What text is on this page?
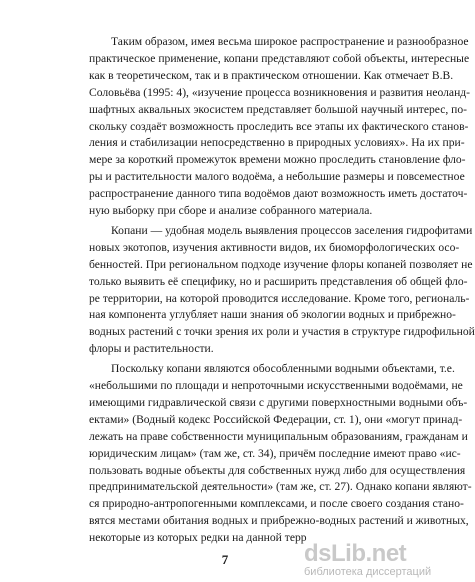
Таким образом, имея весьма широкое распространение и разнообразное
практическое применение, копани представляют собой объекты, интересные
как в теоретическом, так и в практическом отношении. Как отмечает В.В.
Соловьёва (1995: 4), «изучение процесса возникновения и развития неоланд-
шафтных аквальных экосистем представляет большой научный интерес, по-
скольку создаёт возможность проследить все этапы их фактического станов-
ления и стабилизации непосредственно в природных условиях». На их при-
мере за короткий промежуток времени можно проследить становление фло-
ры и растительности малого водоёма, а небольшие размеры и повсеместное
распространение данного типа водоёмов дают возможность иметь достаточ-
ную выборку при сборе и анализе собранного материала.
Копани — удобная модель выявления процессов заселения гидрофитами
новых экотопов, изучения активности видов, их биоморфологических осо-
бенностей. При региональном подходе изучение флоры копаней позволяет не
только выявить её специфику, но и расширить представления об общей фло-
ре территории, на которой проводится исследование. Кроме того, региональ-
ная компонента углубляет наши знания об экологии водных и прибрежно-
водных растений с точки зрения их роли и участия в структуре гидрофильной
флоры и растительности.
Поскольку копани являются обособленными водными объектами, т.е.
«небольшими по площади и непроточными искусственными водоёмами, не
имеющими гидравлической связи с другими поверхностными водными объ-
ектами» (Водный кодекс Российской Федерации, ст. 1), они «могут принад-
лежать на праве собственности муниципальным образованиям, гражданам и
юридическим лицам» (там же, ст. 34), причём последние имеют право «ис-
пользовать водные объекты для собственных нужд либо для осуществления
предпринимательской деятельности» (там же, ст. 27). Однако копани являют-
ся природно-антропогенными комплексами, и после своего создания стано-
вятся местами обитания водных и прибрежно-водных растений и животных,
некоторые из которых редки на данной терр
7	dsLib.net
библиотека диссертаций
